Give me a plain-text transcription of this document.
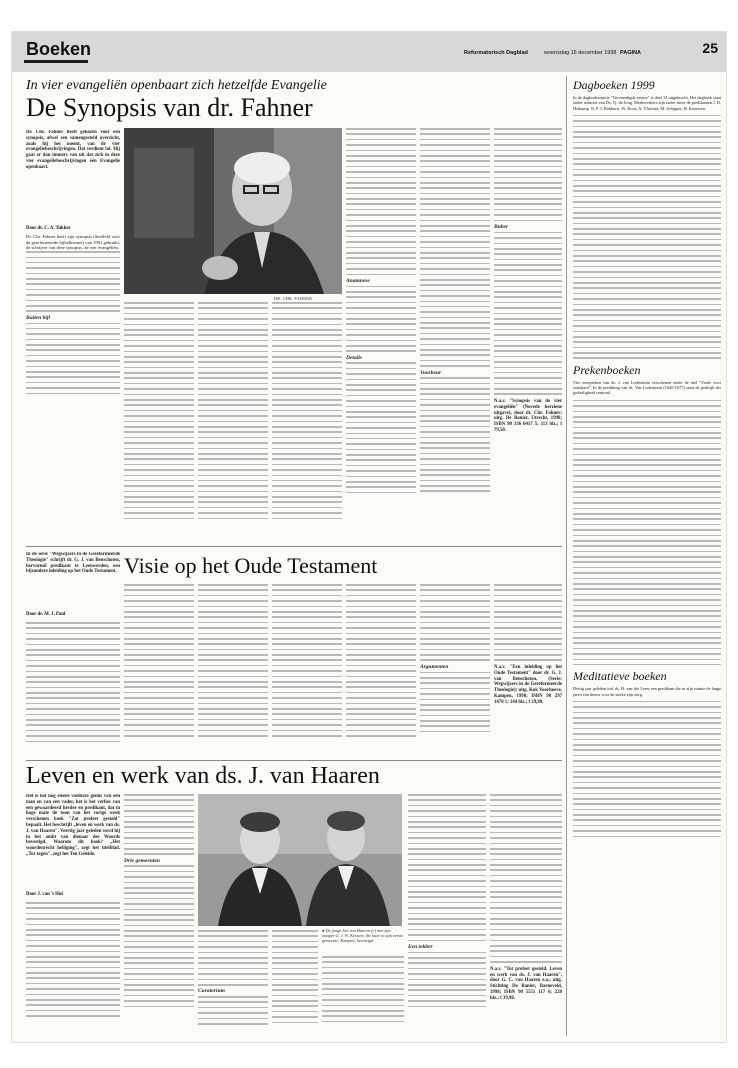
Boeken	Reformatorisch Dagblad	woensdag 16 december 1998 PAGINA	25
In vier evangeliën openbaart zich hetzelfde Evangelie
De Synopsis van dr. Fahner
Dr. Chr. Fahner heeft gekozen voor een synopsis, afwel een samengesteld overzicht, zoals hij het noemt, van de vier evangeliebeschrijvingen. Dat verdient lof. Hij gaat er dan immers van uit dat zich in deze vier evangeliebeschrijvingen één Evangelie openbaart.
Door dr. C. A. Tukker
DR. CHR. FAHNER
Dr. Chr. Fahner heeft zijn synopsis (Snelfeld voor de gereformeerde bijbelkenner) van 1991 gebruikt, de schrijver van deze synopsis, de vier evangeliën.
Buiten bijl
Anamnese
Details
Voorbeur
Buber
N.a.v. "Synopsis van de vier evangeliën" (Novede herziene uitgave), door dr. Chr. Fahner; uitg. De Banier, Utrecht, 1998; ISBN 90 336 0417 5; 113 blz.; f 79,50.
In de serie "Wegwijzers in de Gereformeerde Theologie" schrijft dr. G. J. van Benschoten, hervormd predikant te Leeuwerden, een bijzondere inleiding op het Oude Testament.
Door dr. M. J. Paul
Visie op het Oude Testament
Argumenten	N.a.v. "Een inleiding op het Oude Testament" door dr. G. J. van Benschoten, (Serie: Wegwijzers in de Gereformeerde Theologie); uitg. Kok Voorhoeve, Kampen, 1998; ISBN 90 297 1470 1; 144 blz.; f 29,90.
Leven en werk van ds. J. van Haaren
Het is het nog steeds voelbare gemis van een man en van een vader, het is het verlies van een gewaardeerd herder en predikant, dat in hoge mate de toon van het vorige week verschenen boek "Zat profeet gesteld" bepaalt. Het beschrijft „leven en werk van ds. J. van Haaren". Veertig jaar geleden werd hij in het ambt van dienaar des Woords bevestigd. Waarom dit boek? „Het woordenrecht heiliging", zegt het titelblad. „Tot zegen", zegt het Ten Geleide.
Door J. van 't Hul
Drie gemeenten
● De jonge Jan van Haaren (r.) met zijn zwager G. J. W. Kersten, die later in zijn eerste gemeente, Kampen, bevestigd.
Curatorium
Een tekber
N.a.v. "Tot profeet gesteld. Leven en werk van ds. J. van Haaren", door G. C. van Haaren e.a.; uitg. Stichting De Banier, Barneveld, 1998; ISBN 90 5551 117 6; 220 blz.; f 39,90.
Dagboeken 1999
In de dagboekenserie "Vervaardigde zeuwe" is deel 13 uitgebracht. Het dagboek staat onder redactie van Ds. Tj. de Jong. Medewerkers zijn onder meer de predikanten J. D. Heikamp, N. F. I. Bakhorst, W. Koos, A. Vlietstra, M. Schipper, H. Koerssen.
Prekenboeken
Vier zeerpreken van ds. J. van Lodenstein verschenen onder de titel "Vrede voor zondaarn". In de prediking van ds. Van Lodenstein (1620-1677) staat de praktijk der godzaligheid centraal.
Meditatieve boeken
Dertig jaar geleden trof ds. H. van der Leest een predikant die in zijn ruimte de lange jaren van dienst voor de sterke zijn zorg.
